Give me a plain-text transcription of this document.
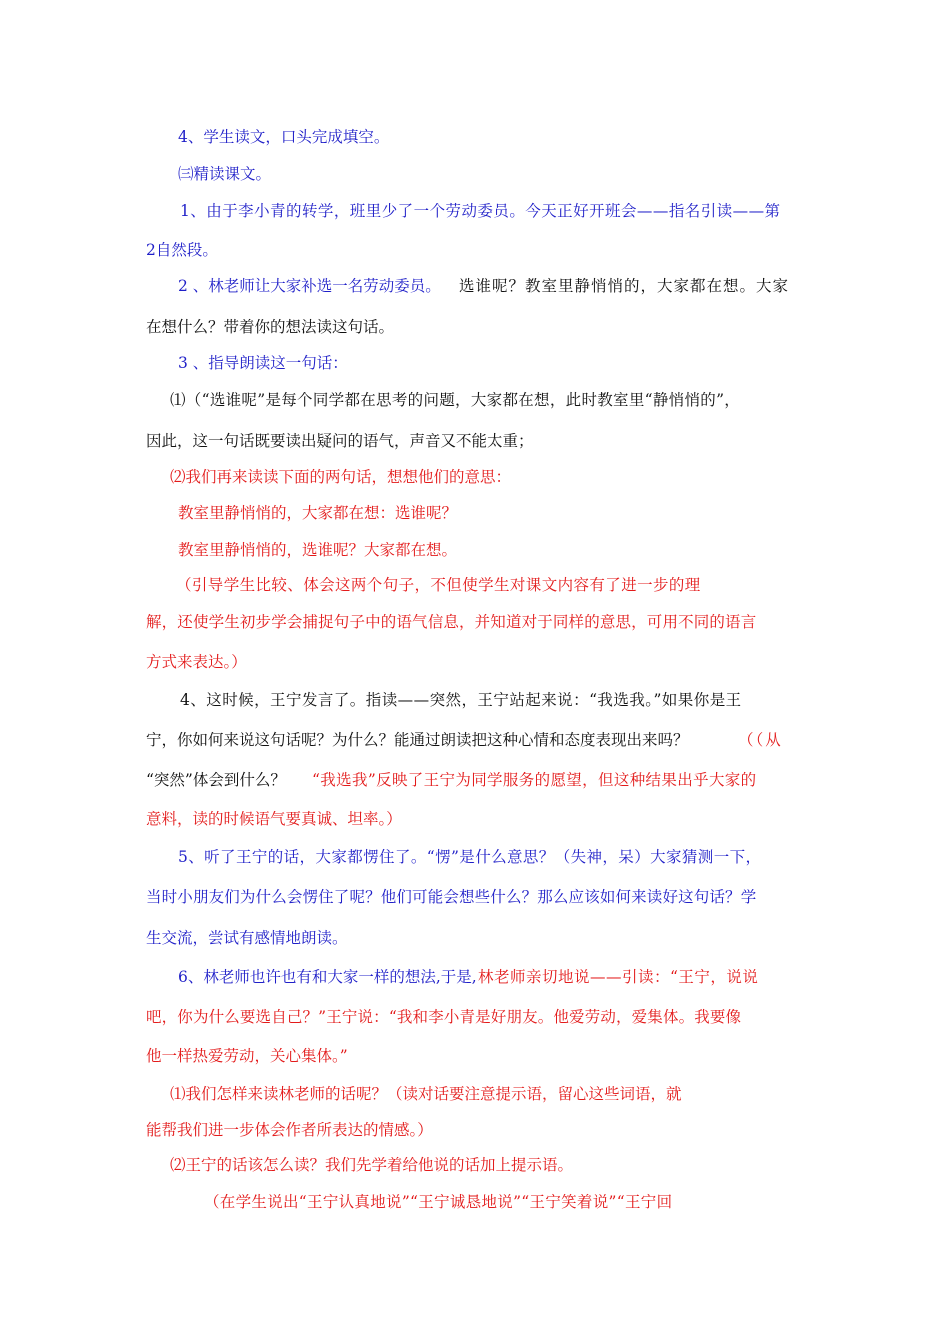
4、学生读文，口头完成填空。
㈢精读课文。
1、由于李小青的转学，班里少了一个劳动委员。今天正好开班会——指名引读——第
2自然段。
2 、林老师让大家补选一名劳动委员。 选谁呢？教室里静悄悄的，大家都在想。大家
在想什么？带着你的想法读这句话。
3 、指导朗读这一句话：
⑴（“选谁呢”是每个同学都在思考的问题，大家都在想，此时教室里“静悄悄的”，
因此，这一句话既要读出疑问的语气，声音又不能太重；
⑵我们再来读读下面的两句话，想想他们的意思：
教室里静悄悄的，大家都在想：选谁呢？
教室里静悄悄的，选谁呢？大家都在想。
（引导学生比较、体会这两个句子，不但使学生对课文内容有了进一步的理
解，还使学生初步学会捕捉句子中的语气信息，并知道对于同样的意思，可用不同的语言
方式来表达。）
4、这时候，王宁发言了。指读——突然，王宁站起来说：“我选我。”如果你是王
宁，你如何来说这句话呢？为什么？能通过朗读把这种心情和态度表现出来吗？	（（从
“突然”体会到什么？ “我选我”反映了王宁为同学服务的愿望，但这种结果出乎大家的
意料，读的时候语气要真诚、坦率。）
5、听了王宁的话，大家都愣住了。“愣”是什么意思？（失神，呆）大家猜测一下，
当时小朋友们为什么会愣住了呢？他们可能会想些什么？那么应该如何来读好这句话？学
生交流，尝试有感情地朗读。
6、林老师也许也有和大家一样的想法,于是, 林老师亲切地说——引读：“王宁，说说
吧，你为什么要选自己？”王宁说：“我和李小青是好朋友。他爱劳动，爱集体。我要像
他一样热爱劳动，关心集体。”
⑴我们怎样来读林老师的话呢？（读对话要注意提示语，留心这些词语，就
能帮我们进一步体会作者所表达的情感。）
⑵王宁的话该怎么读？我们先学着给他说的话加上提示语。
（在学生说出“王宁认真地说”“王宁诚恳地说”“王宁笑着说”“王宁回
